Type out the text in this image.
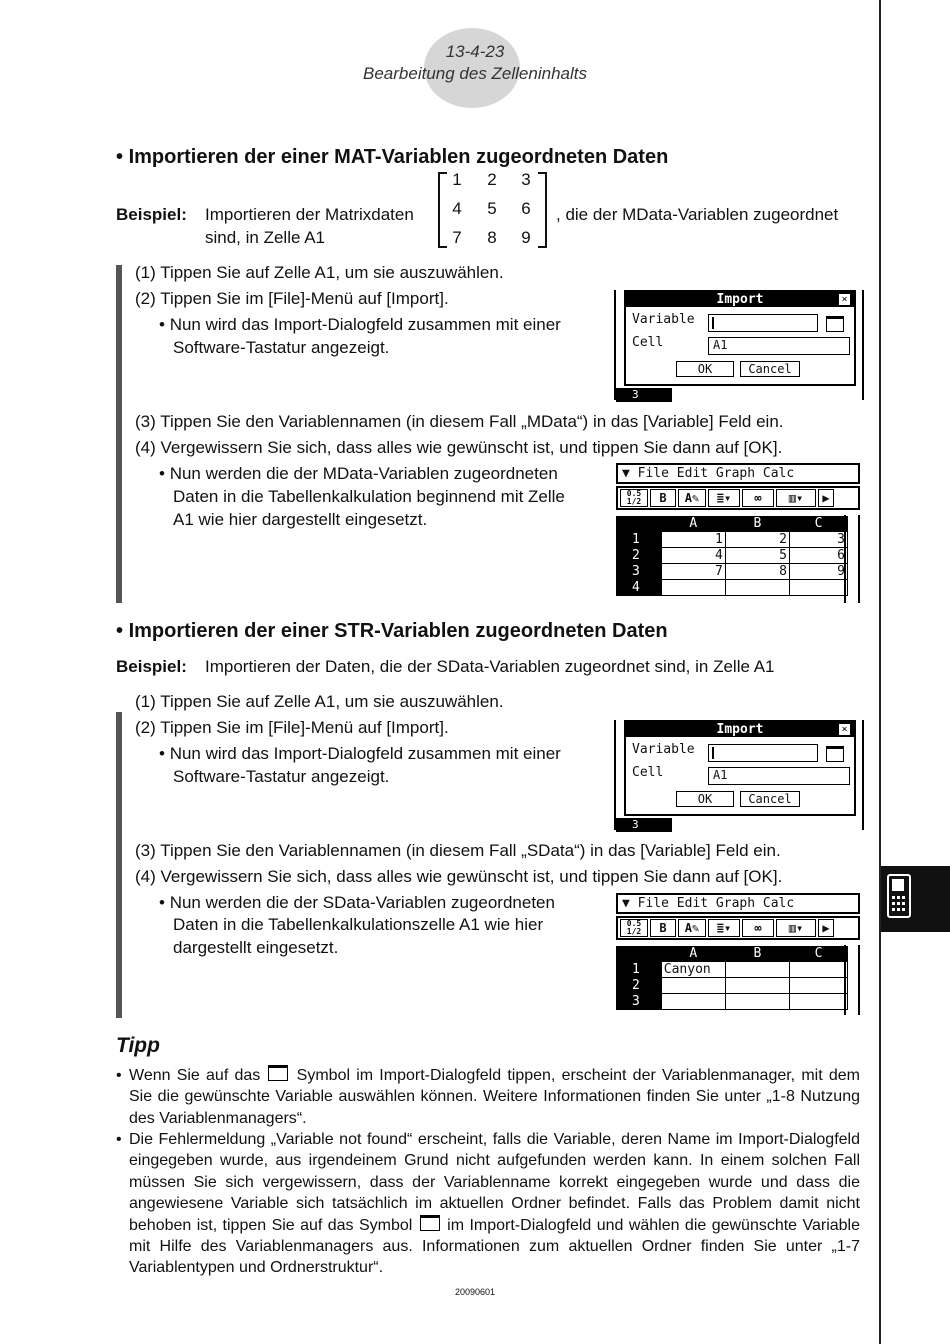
13-4-23
Bearbeitung des Zelleninhalts
• Importieren der einer MAT-Variablen zugeordneten Daten
Beispiel: Importieren der Matrixdaten
sind, in Zelle A1
, die der MData-Variablen zugeordnet
1	2	3
4	5	6
7	8	9
(1) Tippen Sie auf Zelle A1, um sie auszuwählen.
(2) Tippen Sie im [File]-Menü auf [Import].
• Nun wird das Import-Dialogfeld zusammen mit einer
Software-Tastatur angezeigt.
(3) Tippen Sie den Variablennamen (in diesem Fall „MData“) in das [Variable] Feld ein.
(4) Vergewissern Sie sich, dass alles wie gewünscht ist, und tippen Sie dann auf [OK].
• Nun werden die der MData-Variablen zugeordneten
Daten in die Tabellenkalkulation beginnend mit Zelle
A1 wie hier dargestellt eingesetzt.
3
Import	×
Variable
Cell	A1
OK	Cancel
▼ File Edit Graph Calc
0.5 1/2	B	A✎	≣▾	∞	▥▾	▶
	A	B	C
1	1	2	3
2	4	5	6
3	7	8	9
4			
• Importieren der einer STR-Variablen zugeordneten Daten
Beispiel: Importieren der Daten, die der SData-Variablen zugeordnet sind, in Zelle A1
(1) Tippen Sie auf Zelle A1, um sie auszuwählen.
(2) Tippen Sie im [File]-Menü auf [Import].
• Nun wird das Import-Dialogfeld zusammen mit einer
Software-Tastatur angezeigt.
(3) Tippen Sie den Variablennamen (in diesem Fall „SData“) in das [Variable] Feld ein.
(4) Vergewissern Sie sich, dass alles wie gewünscht ist, und tippen Sie dann auf [OK].
• Nun werden die der SData-Variablen zugeordneten
Daten in die Tabellenkalkulationszelle A1 wie hier
dargestellt eingesetzt.
3
Import	×
Variable
Cell	A1
OK	Cancel
▼ File Edit Graph Calc
0.5 1/2	B	A✎	≣▾	∞	▥▾	▶
	A	B	C
1	Canyon		
2			
3			
Tipp
• Wenn Sie auf das Symbol im Import-Dialogfeld tippen, erscheint der Variablenmanager, mit dem Sie die gewünschte Variable auswählen können. Weitere Informationen finden Sie unter „1-8 Nutzung des Variablenmanagers“.
• Die Fehlermeldung „Variable not found“ erscheint, falls die Variable, deren Name im Import-Dialogfeld eingegeben wurde, aus irgendeinem Grund nicht aufgefunden werden kann. In einem solchen Fall müssen Sie sich vergewissern, dass der Variablenname korrekt eingegeben wurde und dass die angewiesene Variable sich tatsächlich im aktuellen Ordner befindet. Falls das Problem damit nicht behoben ist, tippen Sie auf das Symbol im Import-Dialogfeld und wählen die gewünschte Variable mit Hilfe des Variablenmanagers aus. Informationen zum aktuellen Ordner finden Sie unter „1-7 Variablentypen und Ordnerstruktur“.
20090601
